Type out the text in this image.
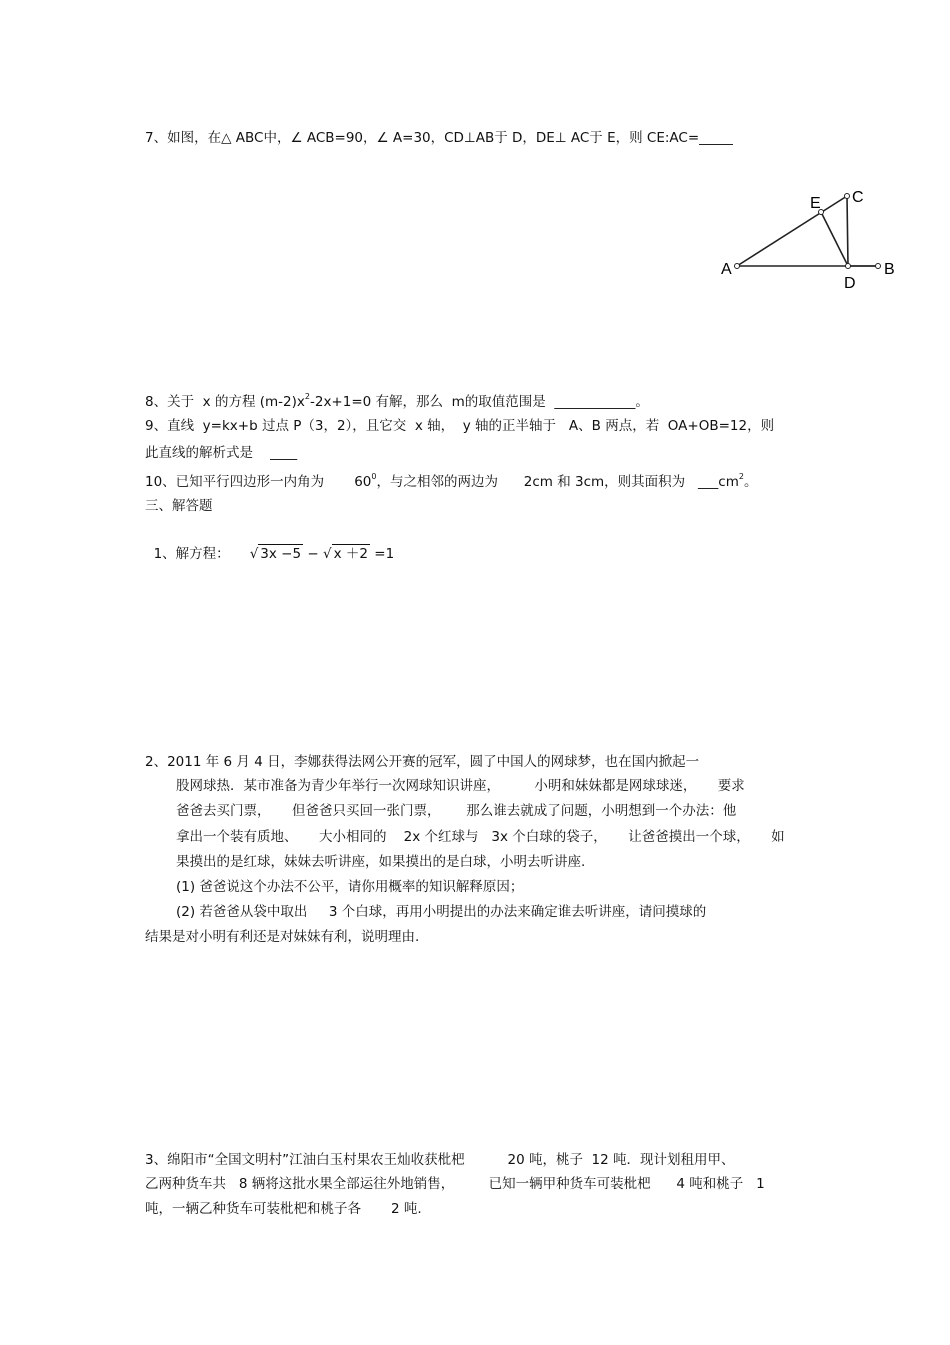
7、如图，在△ ABC中，∠ ACB=90，∠ A=30，CD⊥AB于 D，DE⊥ AC于 E，则 CE:AC=_____
A	B
C
D
E
8、关于  x 的方程 $(m-2)x^2-2x+1=0$ 有解，那么  m的取值范围是  ____________。
9、直线  y=kx+b 过点 P（3，2），且它交  x 轴，  y 轴的正半轴于   A、B 两点，若  OA+OB=12，则
此直线的解析式是    ____
10、已知平行四边形一内角为       $60^0$，与之相邻的两边为      2cm 和 3cm，则其面积为   $\_\_\_cm^2$。
三、解答题

1、解方程： √ 3x −5 − √ x ＋2 =1

2、2011 年 6 月 4 日，李娜获得法网公开赛的冠军，圆了中国人的网球梦，也在国内掀起一
股网球热．某市准备为青少年举行一次网球知识讲座，        小明和妹妹都是网球球迷，     要求
爸爸去买门票，     但爸爸只买回一张门票，      那么谁去就成了问题，小明想到一个办法：他
拿出一个装有质地、     大小相同的    2x 个红球与   3x 个白球的袋子，     让爸爸摸出一个球，     如
果摸出的是红球，妹妹去听讲座，如果摸出的是白球，小明去听讲座.
(1) 爸爸说这个办法不公平，请你用概率的知识解释原因；
(2) 若爸爸从袋中取出     3 个白球，再用小明提出的办法来确定谁去听讲座，请问摸球的
结果是对小明有利还是对妹妹有利，说明理由.
3、绵阳市“全国文明村”江油白玉村果农王灿收获枇杷          20 吨，桃子  12 吨．现计划租用甲、
乙两种货车共   8 辆将这批水果全部运往外地销售，        已知一辆甲种货车可装枇杷      4 吨和桃子   1
吨，一辆乙种货车可装枇杷和桃子各       2 吨.
